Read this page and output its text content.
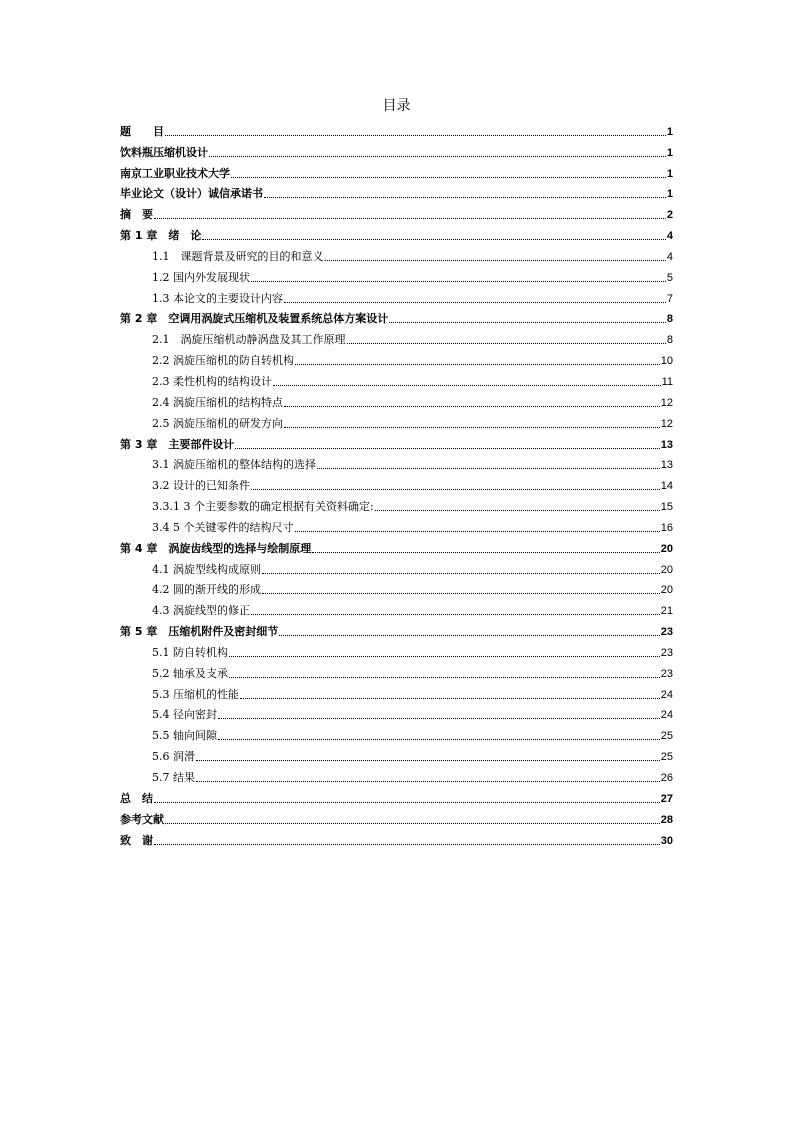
目录
题　　目	1
饮料瓶压缩机设计	1
南京工业职业技术大学	1
毕业论文（设计）诚信承诺书	1
摘　要	2
第 1 章　绪　论	4
1.1　课题背景及研究的目的和意义	4
1.2 国内外发展现状	5
1.3 本论文的主要设计内容	7
第 2 章　空调用涡旋式压缩机及装置系统总体方案设计	8
2.1　涡旋压缩机动静涡盘及其工作原理	8
2.2 涡旋压缩机的防自转机构	10
2.3 柔性机构的结构设计	11
2.4 涡旋压缩机的结构特点	12
2.5 涡旋压缩机的研发方向	12
第 3 章　主要部件设计	13
3.1 涡旋压缩机的整体结构的选择	13
3.2 设计的已知条件	14
3.3.1 3 个主要参数的确定根据有关资料确定:	15
3.4 5 个关键零件的结构尺寸	16
第 4 章　涡旋齿线型的选择与绘制原理	20
4.1 涡旋型线构成原则	20
4.2 圆的渐开线的形成	20
4.3 涡旋线型的修正	21
第 5 章　压缩机附件及密封细节	23
5.1 防自转机构	23
5.2 轴承及支承	23
5.3 压缩机的性能	24
5.4 径向密封	24
5.5 轴向间隙	25
5.6 润滑	25
5.7 结果	26
总　结	27
参考文献	28
致　谢	30
